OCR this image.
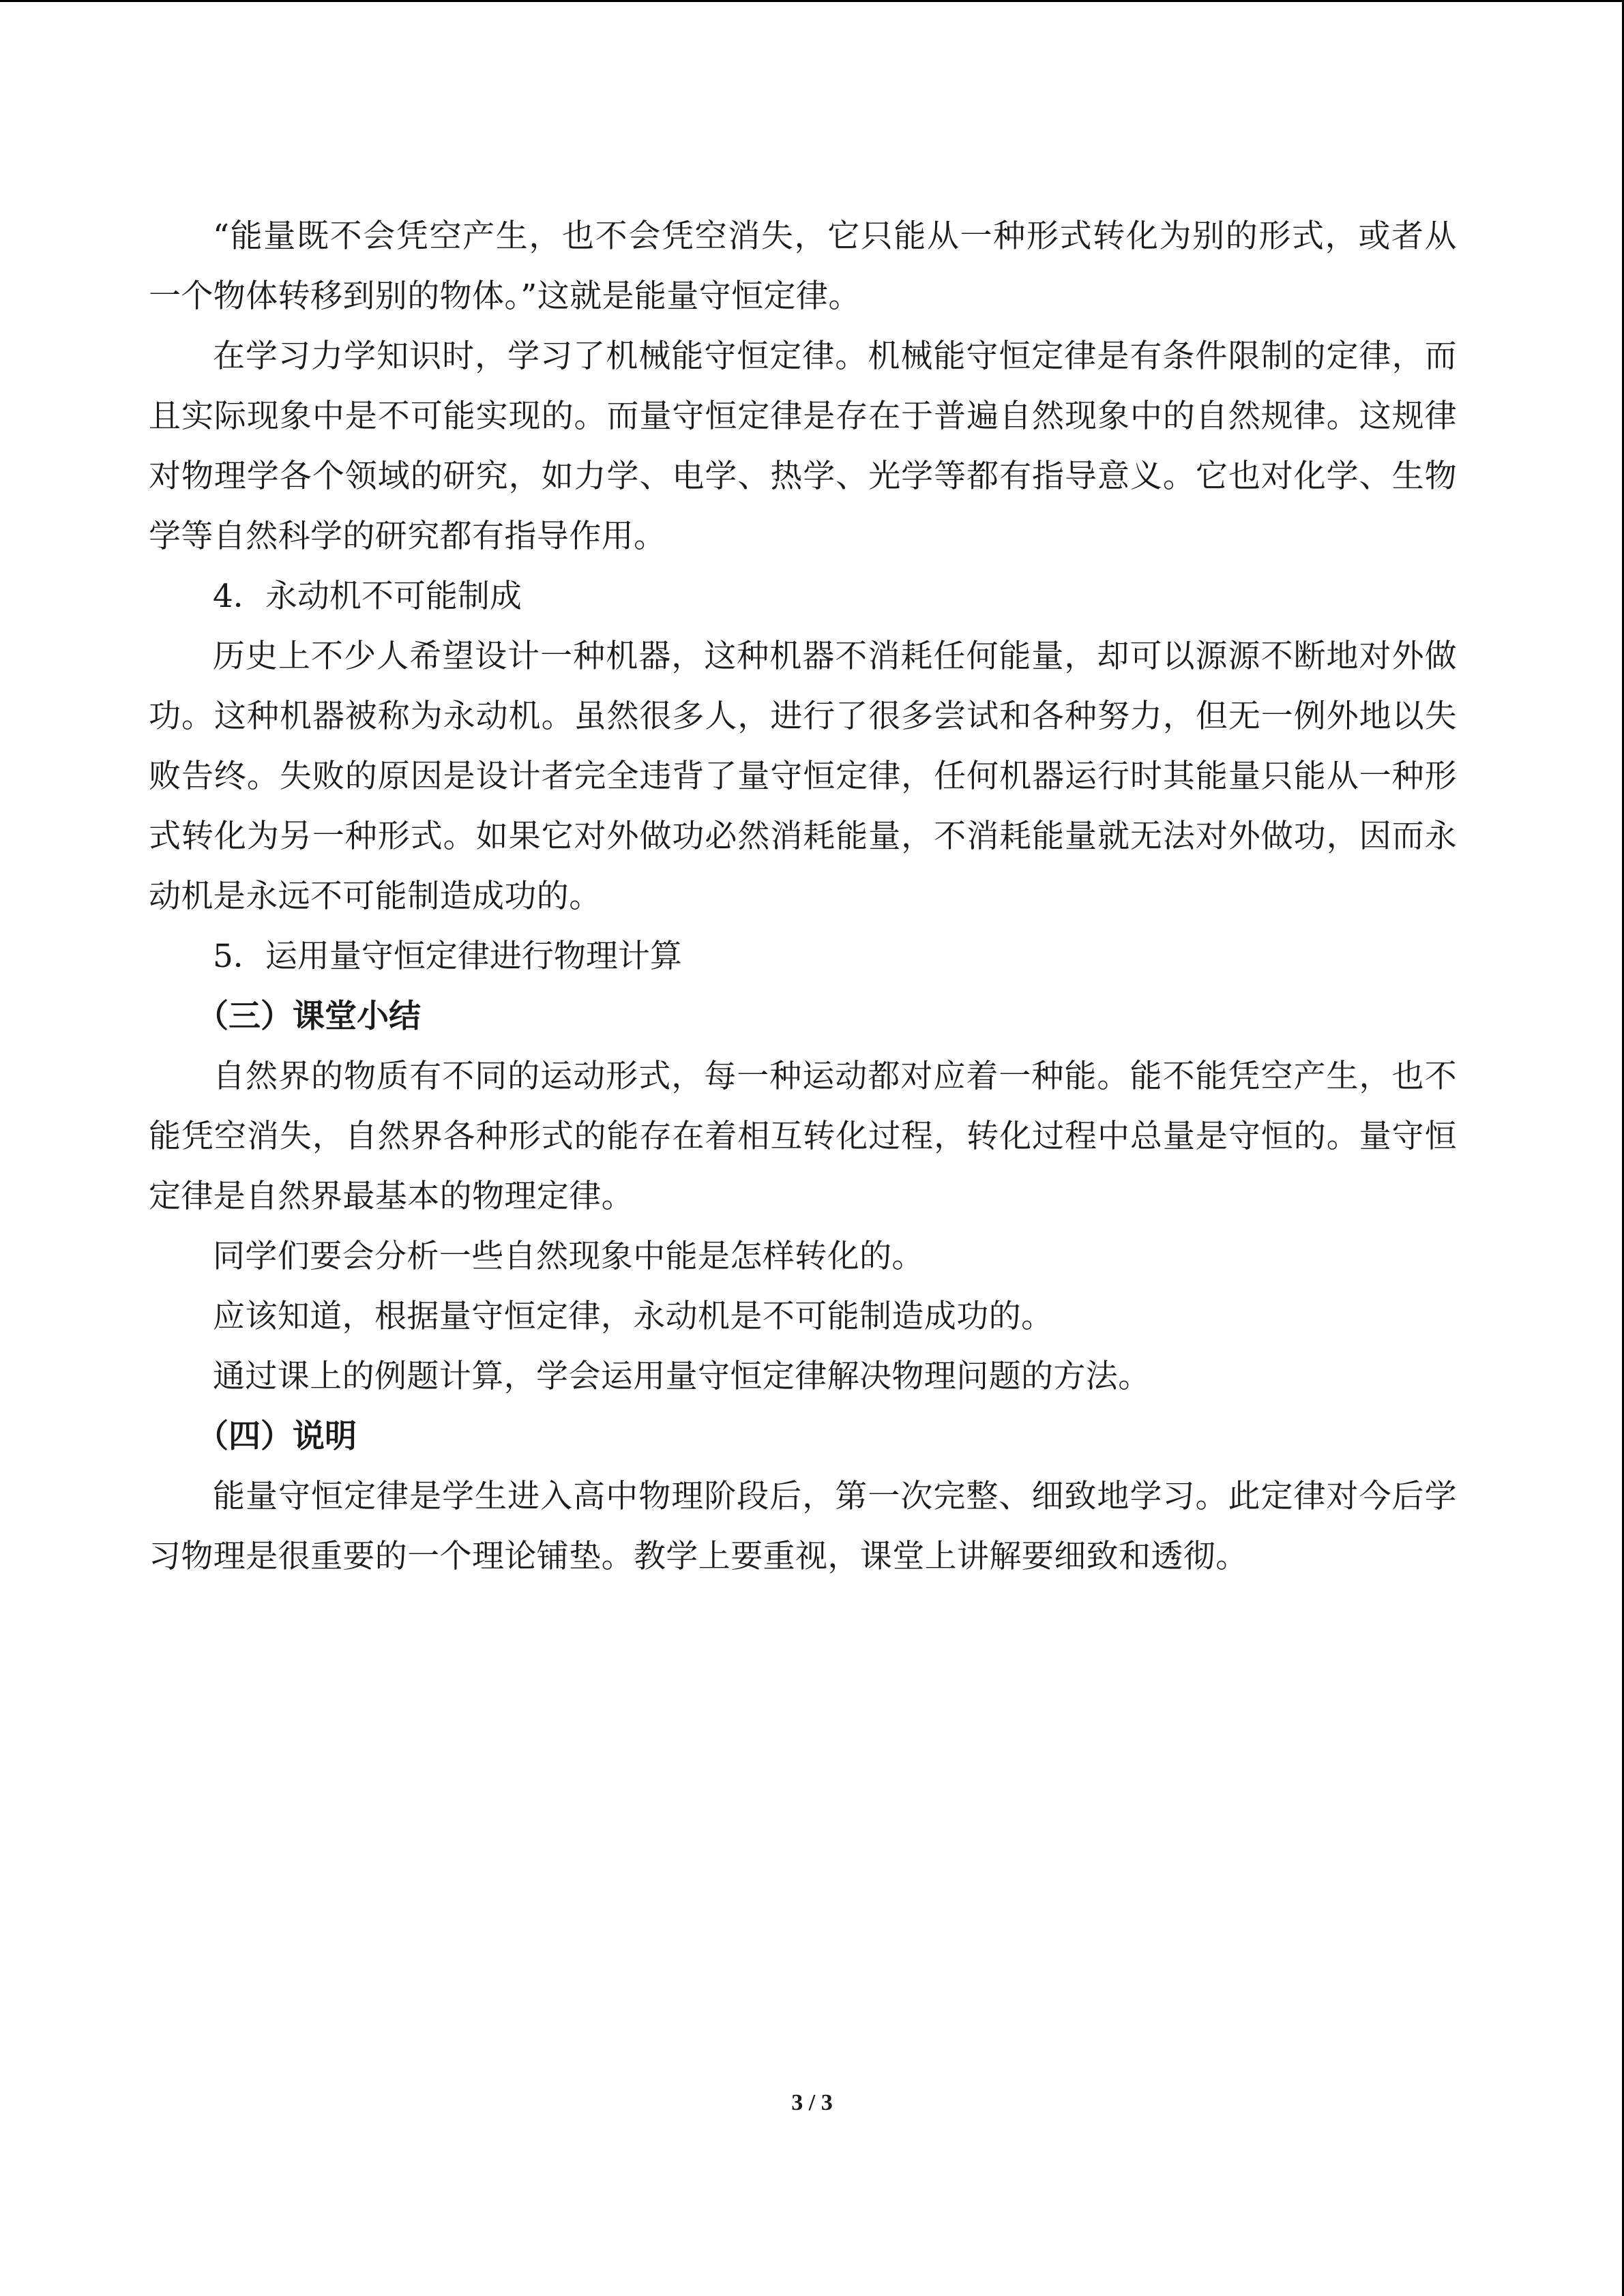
“能量既不会凭空产生，也不会凭空消失，它只能从一种形式转化为别的形式，或者从一个物体转移到别的物体。”这就是能量守恒定律。

在学习力学知识时，学习了机械能守恒定律。机械能守恒定律是有条件限制的定律，而且实际现象中是不可能实现的。而量守恒定律是存在于普遍自然现象中的自然规律。这规律对物理学各个领域的研究，如力学、电学、热学、光学等都有指导意义。它也对化学、生物学等自然科学的研究都有指导作用。

4．永动机不可能制成

历史上不少人希望设计一种机器，这种机器不消耗任何能量，却可以源源不断地对外做功。这种机器被称为永动机。虽然很多人，进行了很多尝试和各种努力，但无一例外地以失败告终。失败的原因是设计者完全违背了量守恒定律，任何机器运行时其能量只能从一种形式转化为另一种形式。如果它对外做功必然消耗能量，不消耗能量就无法对外做功，因而永动机是永远不可能制造成功的。

5．运用量守恒定律进行物理计算

（三）课堂小结

自然界的物质有不同的运动形式，每一种运动都对应着一种能。能不能凭空产生，也不能凭空消失，自然界各种形式的能存在着相互转化过程，转化过程中总量是守恒的。量守恒定律是自然界最基本的物理定律。

同学们要会分析一些自然现象中能是怎样转化的。

应该知道，根据量守恒定律，永动机是不可能制造成功的。

通过课上的例题计算，学会运用量守恒定律解决物理问题的方法。

（四）说明

能量守恒定律是学生进入高中物理阶段后，第一次完整、细致地学习。此定律对今后学习物理是很重要的一个理论铺垫。教学上要重视，课堂上讲解要细致和透彻。

3 / 3
